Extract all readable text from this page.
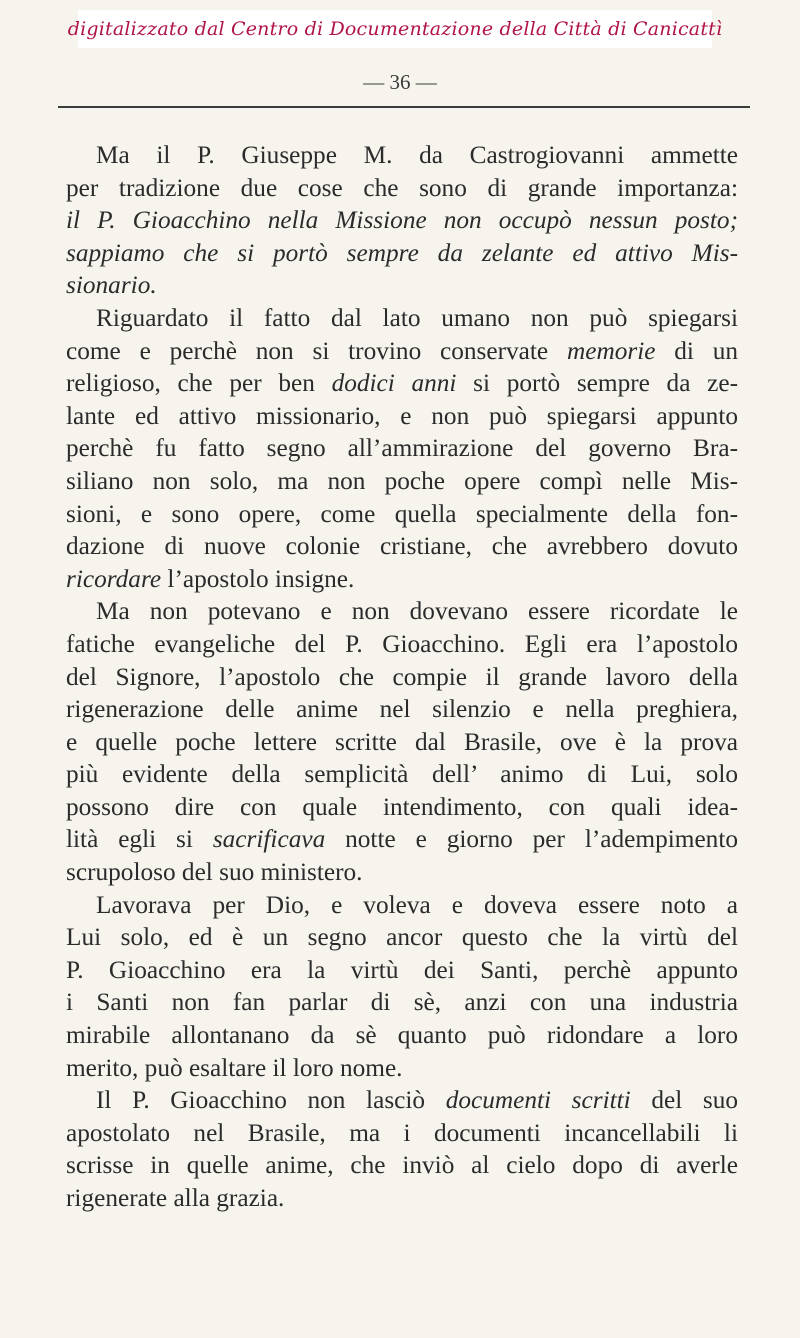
digitalizzato dal Centro di Documentazione della Città di Canicattì
— 36 —
Ma il P. Giuseppe M. da Castrogiovanni ammette
per tradizione due cose che sono di grande importanza:
il P. Gioacchino nella Missione non occupò nessun posto;
sappiamo che si portò sempre da zelante ed attivo Mis-
sionario.
Riguardato il fatto dal lato umano non può spiegarsi
come e perchè non si trovino conservate memorie di un
religioso, che per ben dodici anni si portò sempre da ze-
lante ed attivo missionario, e non può spiegarsi appunto
perchè fu fatto segno all’ammirazione del governo Bra-
siliano non solo, ma non poche opere compì nelle Mis-
sioni, e sono opere, come quella specialmente della fon-
dazione di nuove colonie cristiane, che avrebbero dovuto
ricordare l’apostolo insigne.
Ma non potevano e non dovevano essere ricordate le
fatiche evangeliche del P. Gioacchino. Egli era l’apostolo
del Signore, l’apostolo che compie il grande lavoro della
rigenerazione delle anime nel silenzio e nella preghiera,
e quelle poche lettere scritte dal Brasile, ove è la prova
più evidente della semplicità dell’ animo di Lui, solo
possono dire con quale intendimento, con quali idea-
lità egli si sacrificava notte e giorno per l’adempimento
scrupoloso del suo ministero.
Lavorava per Dio, e voleva e doveva essere noto a
Lui solo, ed è un segno ancor questo che la virtù del
P. Gioacchino era la virtù dei Santi, perchè appunto
i Santi non fan parlar di sè, anzi con una industria
mirabile allontanano da sè quanto può ridondare a loro
merito, può esaltare il loro nome.
Il P. Gioacchino non lasciò documenti scritti del suo
apostolato nel Brasile, ma i documenti incancellabili li
scrisse in quelle anime, che inviò al cielo dopo di averle
rigenerate alla grazia.
